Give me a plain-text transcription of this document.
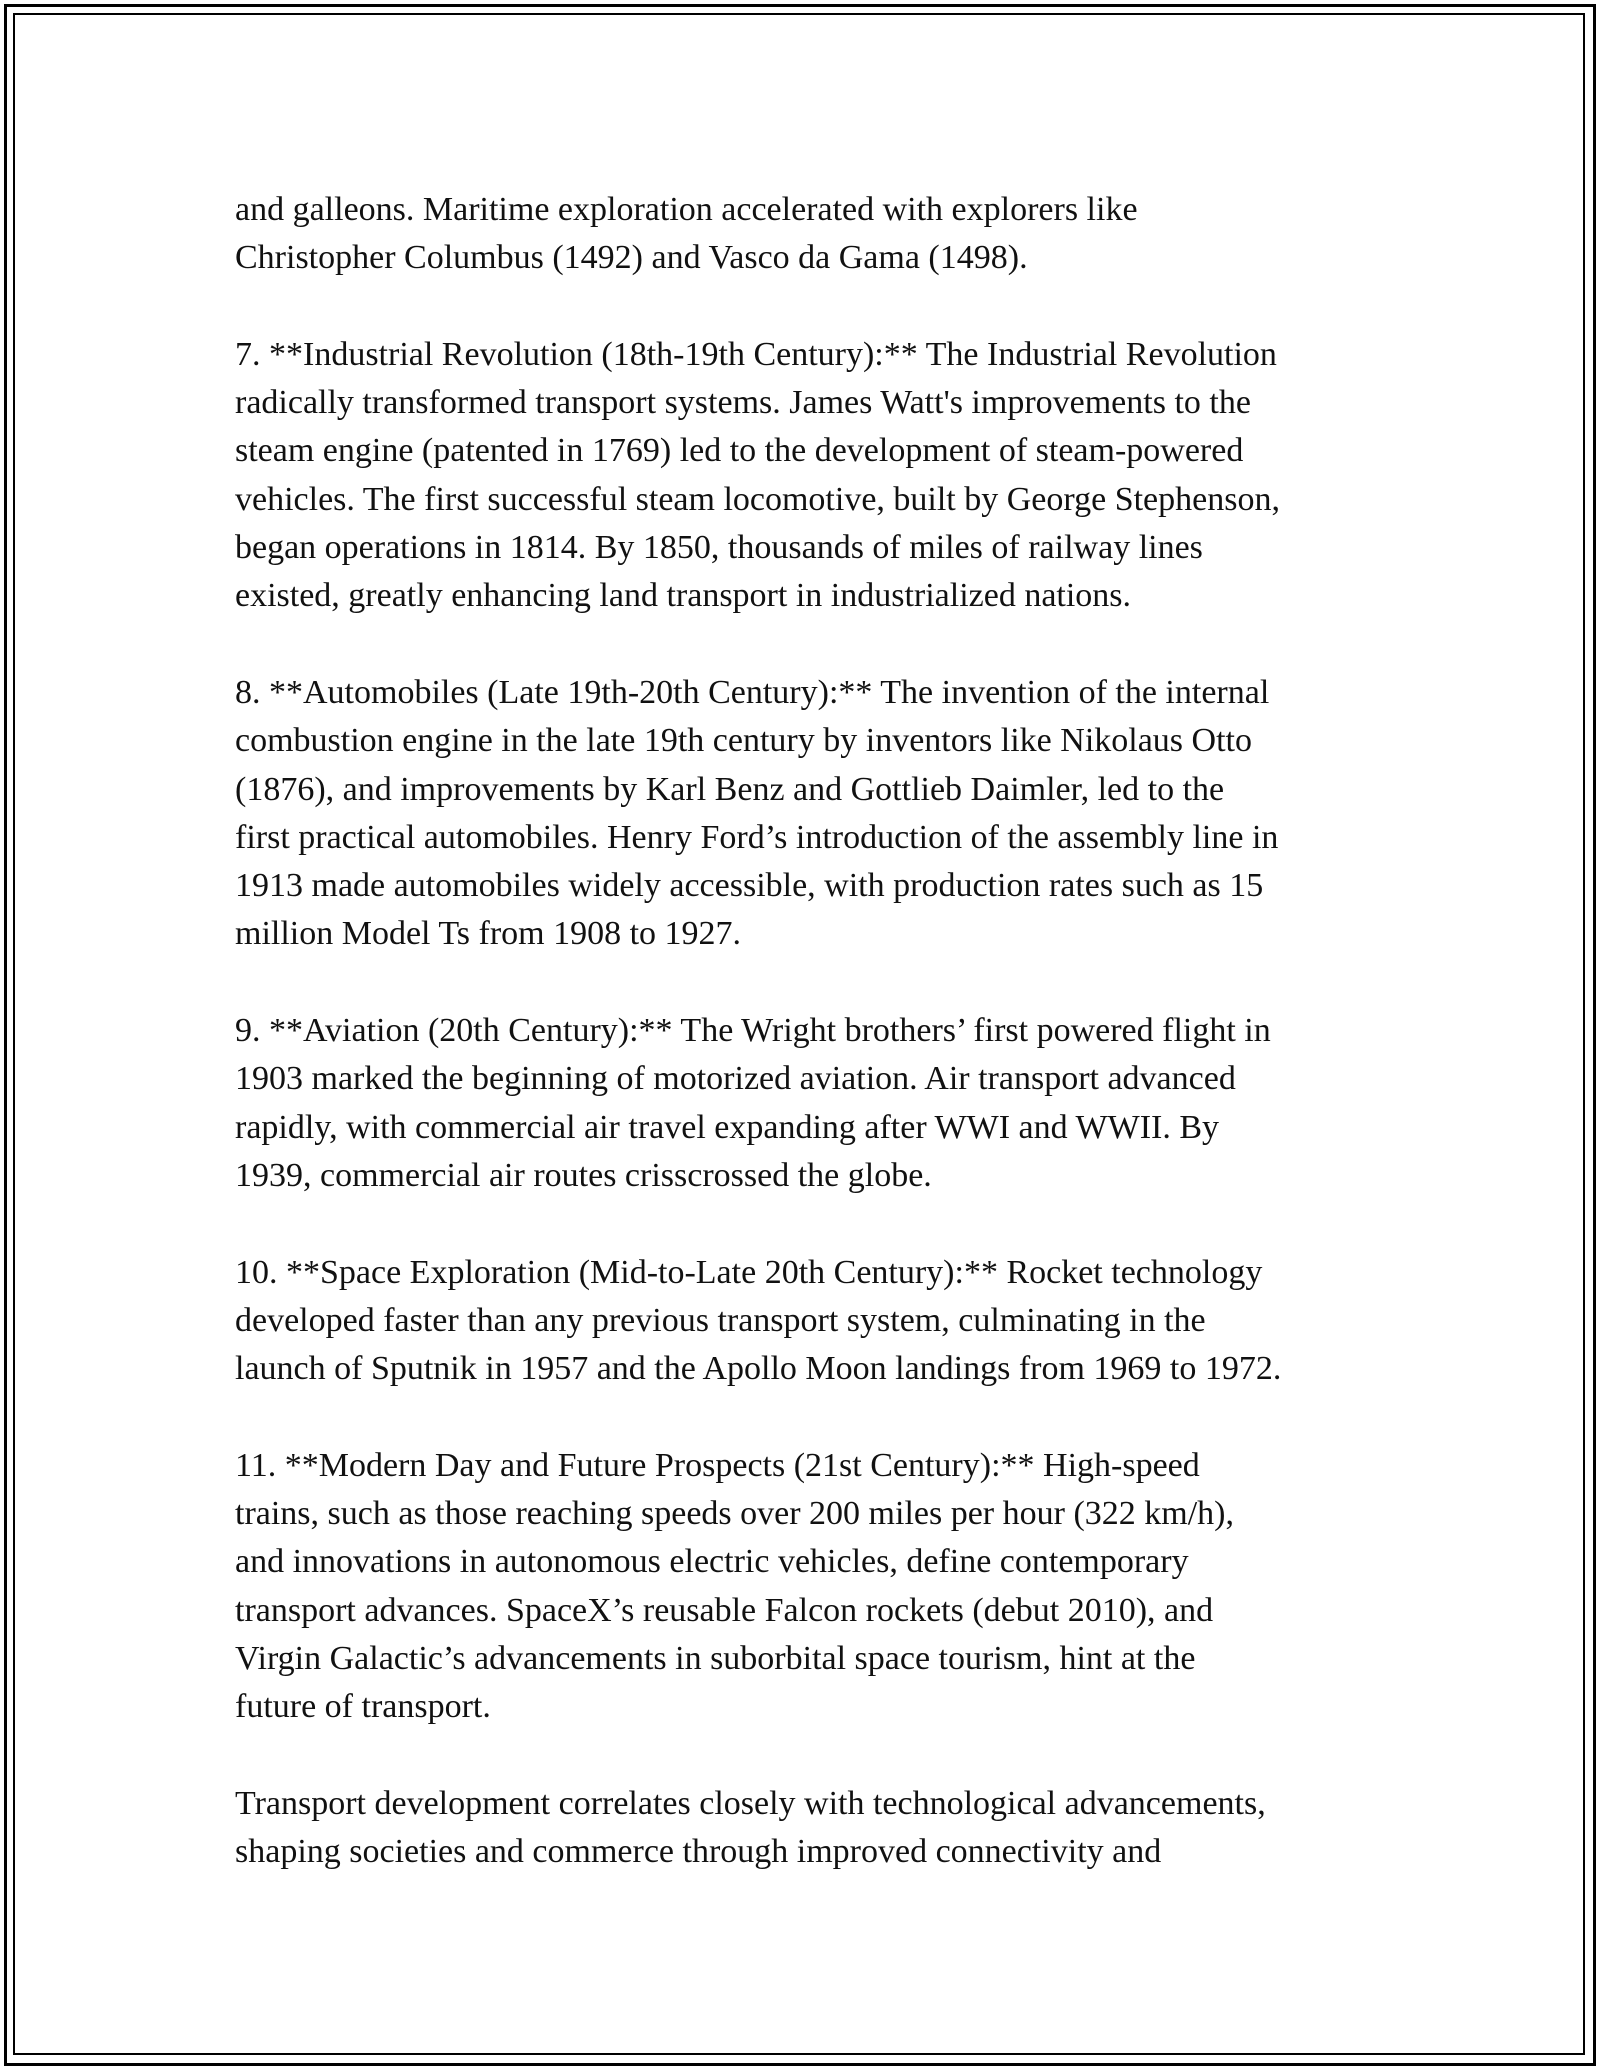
and galleons. Maritime exploration accelerated with explorers like
Christopher Columbus (1492) and Vasco da Gama (1498).

7. **Industrial Revolution (18th-19th Century):** The Industrial Revolution
radically transformed transport systems. James Watt's improvements to the
steam engine (patented in 1769) led to the development of steam-powered
vehicles. The first successful steam locomotive, built by George Stephenson,
began operations in 1814. By 1850, thousands of miles of railway lines
existed, greatly enhancing land transport in industrialized nations.

8. **Automobiles (Late 19th-20th Century):** The invention of the internal
combustion engine in the late 19th century by inventors like Nikolaus Otto
(1876), and improvements by Karl Benz and Gottlieb Daimler, led to the
first practical automobiles. Henry Ford’s introduction of the assembly line in
1913 made automobiles widely accessible, with production rates such as 15
million Model Ts from 1908 to 1927.

9. **Aviation (20th Century):** The Wright brothers’ first powered flight in
1903 marked the beginning of motorized aviation. Air transport advanced
rapidly, with commercial air travel expanding after WWI and WWII. By
1939, commercial air routes crisscrossed the globe.

10. **Space Exploration (Mid-to-Late 20th Century):** Rocket technology
developed faster than any previous transport system, culminating in the
launch of Sputnik in 1957 and the Apollo Moon landings from 1969 to 1972.

11. **Modern Day and Future Prospects (21st Century):** High-speed
trains, such as those reaching speeds over 200 miles per hour (322 km/h),
and innovations in autonomous electric vehicles, define contemporary
transport advances. SpaceX’s reusable Falcon rockets (debut 2010), and
Virgin Galactic’s advancements in suborbital space tourism, hint at the
future of transport.

Transport development correlates closely with technological advancements,
shaping societies and commerce through improved connectivity and
